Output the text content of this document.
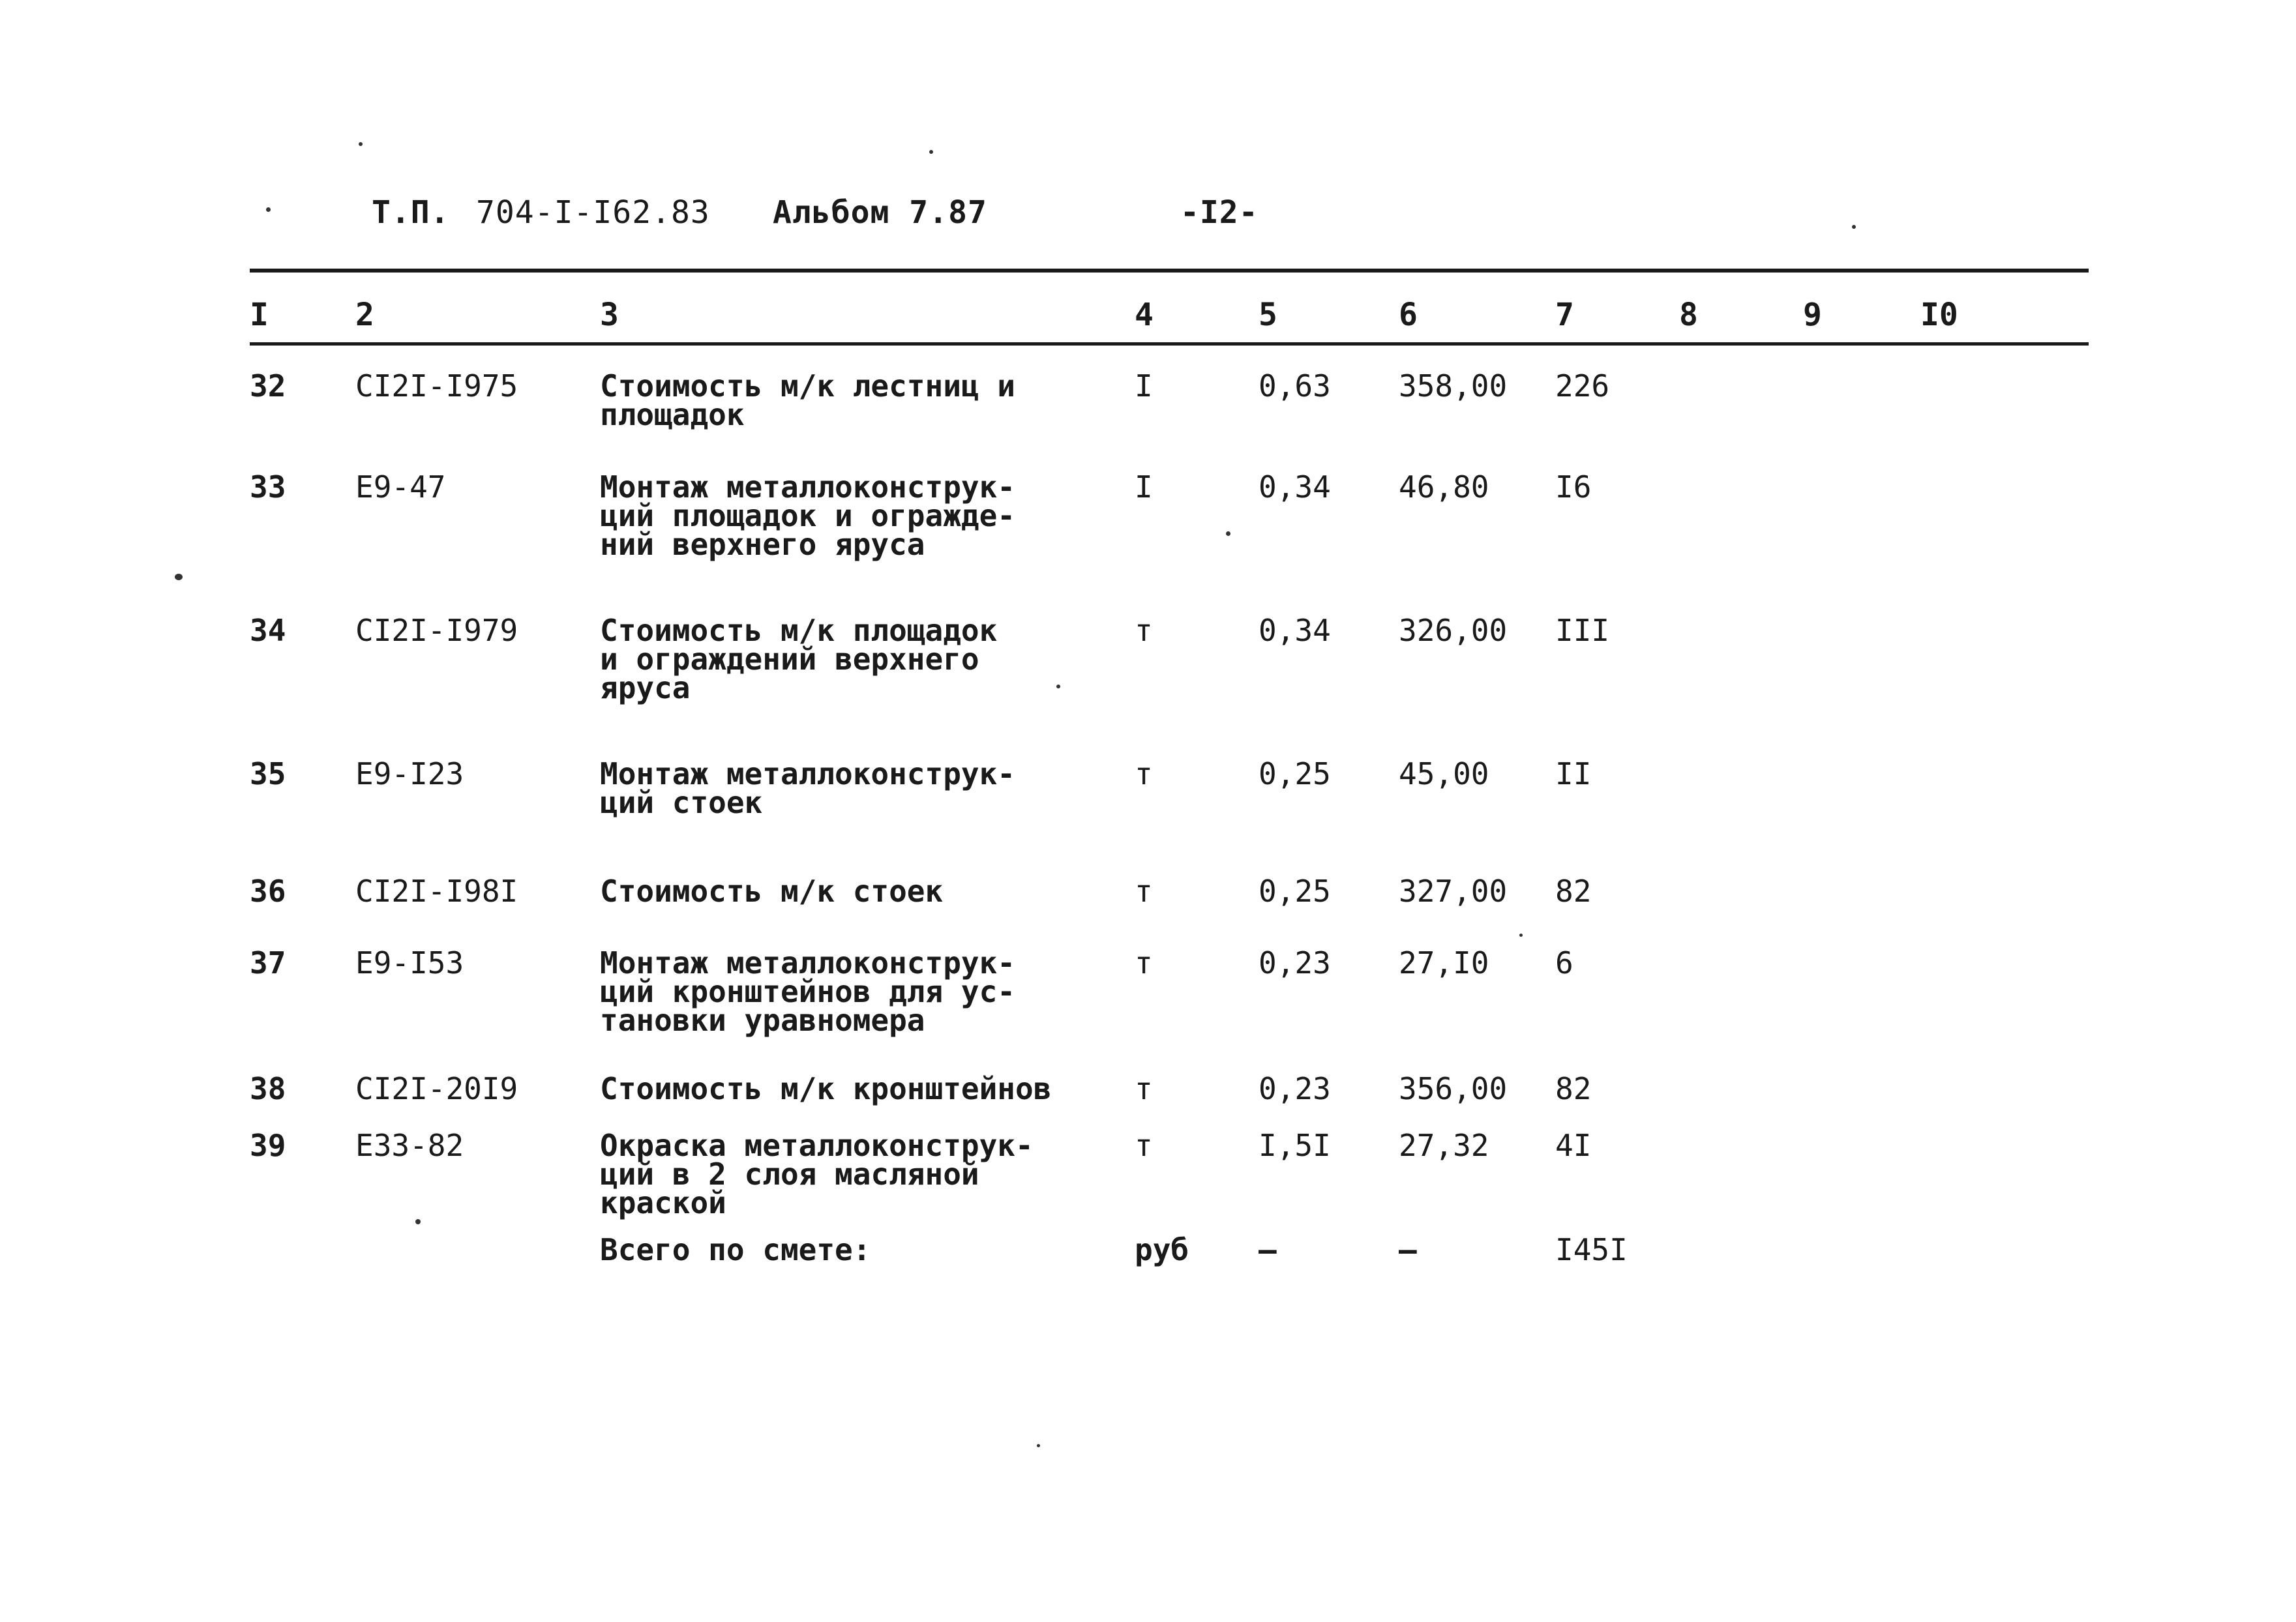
Т.П. 704-I-I62.83 Альбом 7.87	-I2-
I	2	3	4	5	6	7	8	9	I0
32 CI2I-I975	Стоимость м/к лестниц и
площадок
I	0,63 358,00 226
33 Е9-47	Монтаж металлоконструк-
ций площадок и огражде-
ний верхнего яруса
I	0,34 46,80 I6
34 CI2I-I979	Стоимость м/к площадок
и ограждений верхнего
яруса
т	0,34 326,00 III
35 Е9-I23	Монтаж металлоконструк-
ций стоек
т	0,25 45,00 II
36 CI2I-I98I	Стоимость м/к стоек	т	0,25 327,00 82
37 Е9-I53	Монтаж металлоконструк-
ций кронштейнов для ус-
тановки уравномера
т	0,23 27,I0 6
38 CI2I-20I9	Стоимость м/к кронштейнов	т	0,23 356,00 82
39 Е33-82	Окраска металлоконструк-
ций в 2 слоя масляной
краской
т	I,5I 27,32 4I
Всего по смете:	руб –	–	I45I
